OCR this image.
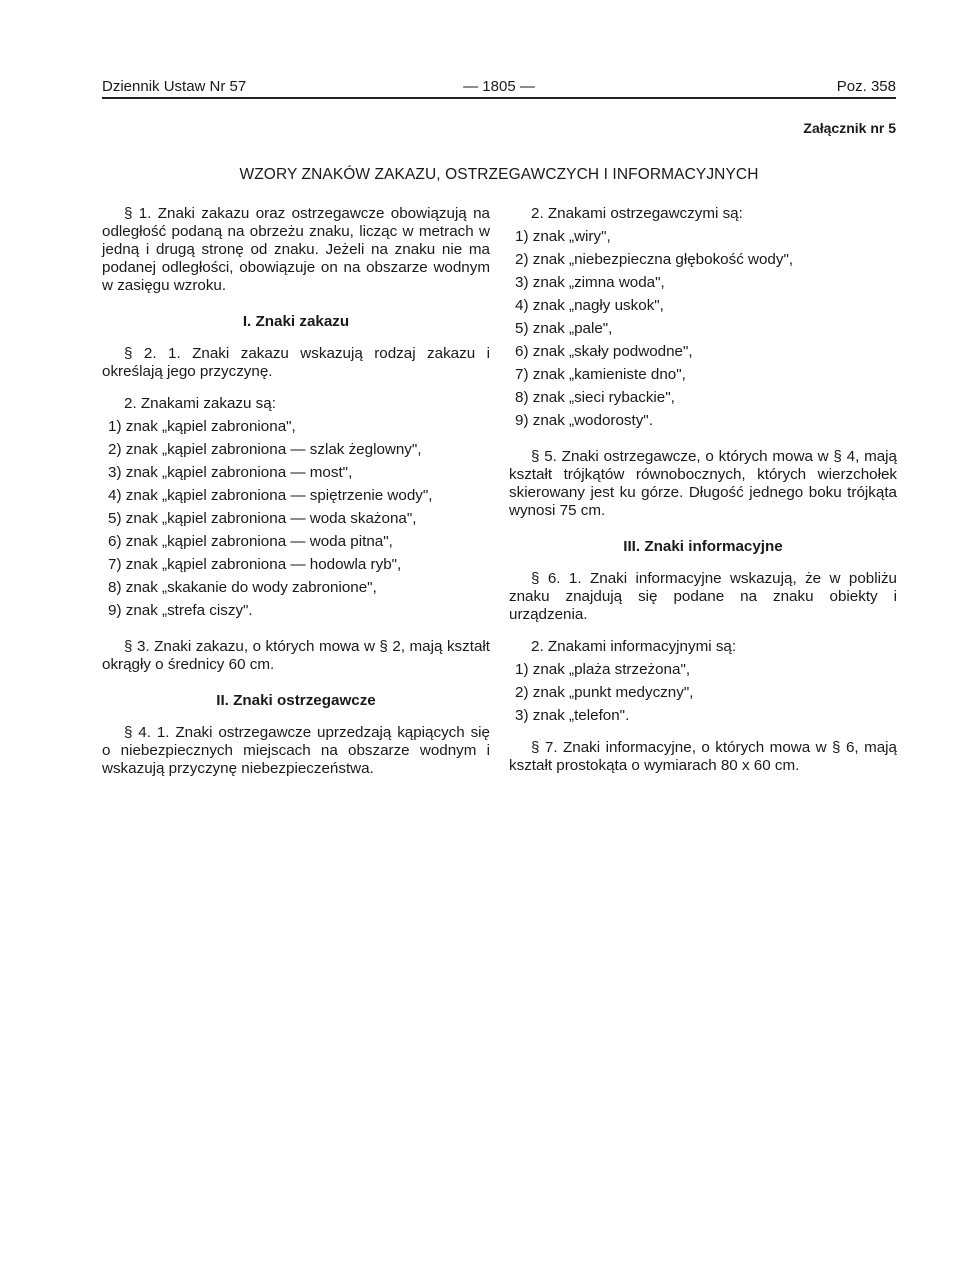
Dziennik Ustaw Nr 57	— 1805 —	Poz. 358
Załącznik nr 5
WZORY ZNAKÓW ZAKAZU, OSTRZEGAWCZYCH I INFORMACYJNYCH

§ 1. Znaki zakazu oraz ostrzegawcze obowiązują na odległość podaną na obrzeżu znaku, licząc w metrach w jedną i drugą stronę od znaku. Jeżeli na znaku nie ma podanej odległości, obowiązuje on na obszarze wodnym w zasięgu wzroku.

I. Znaki zakazu

§ 2. 1. Znaki zakazu wskazują rodzaj zakazu i określają jego przyczynę.

2. Znakami zakazu są:

1) znak „kąpiel zabroniona",

2) znak „kąpiel zabroniona — szlak żeglowny",

3) znak „kąpiel zabroniona — most",

4) znak „kąpiel zabroniona — spiętrzenie wody",

5) znak „kąpiel zabroniona — woda skażona",

6) znak „kąpiel zabroniona — woda pitna",

7) znak „kąpiel zabroniona — hodowla ryb",

8) znak „skakanie do wody zabronione",

9) znak „strefa ciszy".

§ 3. Znaki zakazu, o których mowa w § 2, mają kształt okrągły o średnicy 60 cm.

II. Znaki ostrzegawcze

§ 4. 1. Znaki ostrzegawcze uprzedzają kąpiących się o niebezpiecznych miejscach na obszarze wodnym i wskazują przyczynę niebezpieczeństwa.

2. Znakami ostrzegawczymi są:

1) znak „wiry",

2) znak „niebezpieczna głębokość wody",

3) znak „zimna woda",

4) znak „nagły uskok",

5) znak „pale",

6) znak „skały podwodne",

7) znak „kamieniste dno",

8) znak „sieci rybackie",

9) znak „wodorosty".

§ 5. Znaki ostrzegawcze, o których mowa w § 4, mają kształt trójkątów równobocznych, których wierzchołek skierowany jest ku górze. Długość jednego boku trójkąta wynosi 75 cm.

III. Znaki informacyjne

§ 6. 1. Znaki informacyjne wskazują, że w pobliżu znaku znajdują się podane na znaku obiekty i urządzenia.

2. Znakami informacyjnymi są:

1) znak „plaża strzeżona",

2) znak „punkt medyczny",

3) znak „telefon".

§ 7. Znaki informacyjne, o których mowa w § 6, mają kształt prostokąta o wymiarach 80 x 60 cm.
